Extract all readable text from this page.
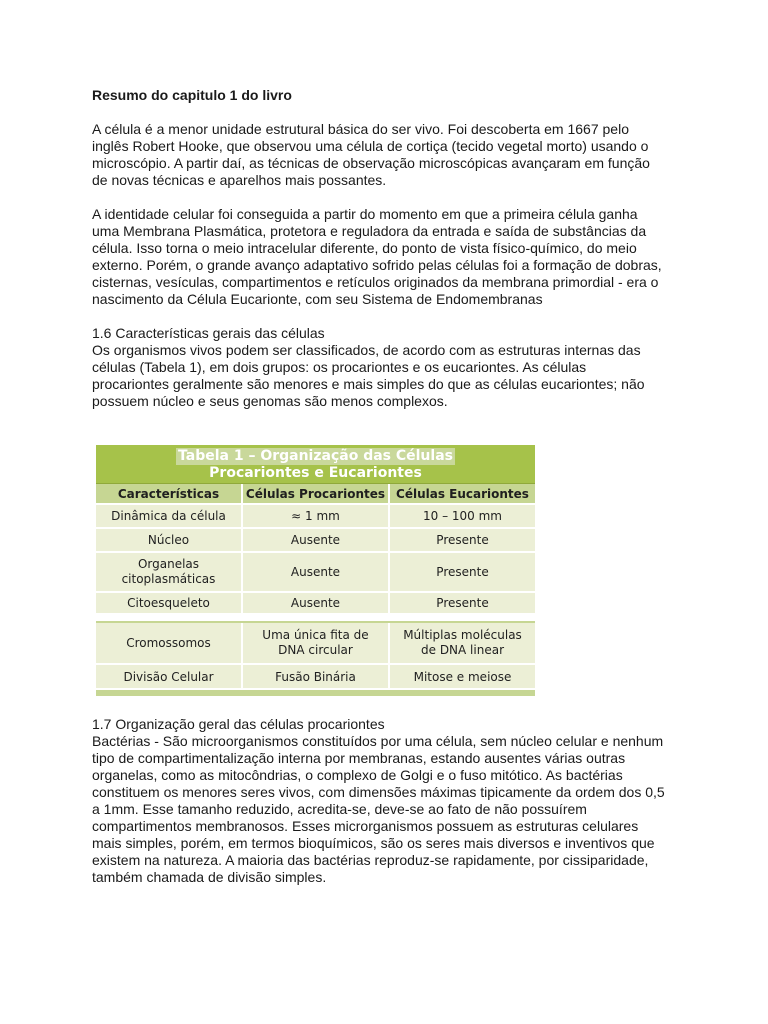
Resumo do capitulo 1 do livro

A célula é a menor unidade estrutural básica do ser vivo. Foi descoberta em 1667 pelo
inglês Robert Hooke, que observou uma célula de cortiça (tecido vegetal morto) usando o
microscópio. A partir daí, as técnicas de observação microscópicas avançaram em função
de novas técnicas e aparelhos mais possantes.

A identidade celular foi conseguida a partir do momento em que a primeira célula ganha
uma Membrana Plasmática, protetora e reguladora da entrada e saída de substâncias da
célula. Isso torna o meio intracelular diferente, do ponto de vista físico-químico, do meio
externo. Porém, o grande avanço adaptativo sofrido pelas células foi a formação de dobras,
cisternas, vesículas, compartimentos e retículos originados da membrana primordial - era o
nascimento da Célula Eucarionte, com seu Sistema de Endomembranas

1.6 Características gerais das células

Os organismos vivos podem ser classificados, de acordo com as estruturas internas das
células (Tabela 1), em dois grupos: os procariontes e os eucariontes. As células
procariontes geralmente são menores e mais simples do que as células eucariontes; não
possuem núcleo e seus genomas são menos complexos.

Tabela 1 – Organização das Células
Procariontes e Eucariontes
Características	Células Procariontes	Células Eucariontes
Dinâmica da célula	≈ 1 mm	10 – 100 mm
Núcleo	Ausente	Presente
Organelas
citoplasmáticas	Ausente	Presente
Citoesqueleto	Ausente	Presente

Cromossomos	Uma única fita de
DNA circular	Múltiplas moléculas
de DNA linear
Divisão Celular	Fusão Binária	Mitose e meiose
1.7 Organização geral das células procariontes

Bactérias - São microorganismos constituídos por uma célula, sem núcleo celular e nenhum
tipo de compartimentalização interna por membranas, estando ausentes várias outras
organelas, como as mitocôndrias, o complexo de Golgi e o fuso mitótico. As bactérias
constituem os menores seres vivos, com dimensões máximas tipicamente da ordem dos 0,5
a 1mm. Esse tamanho reduzido, acredita-se, deve-se ao fato de não possuírem
compartimentos membranosos. Esses microrganismos possuem as estruturas celulares
mais simples, porém, em termos bioquímicos, são os seres mais diversos e inventivos que
existem na natureza. A maioria das bactérias reproduz-se rapidamente, por cissiparidade,
também chamada de divisão simples.
